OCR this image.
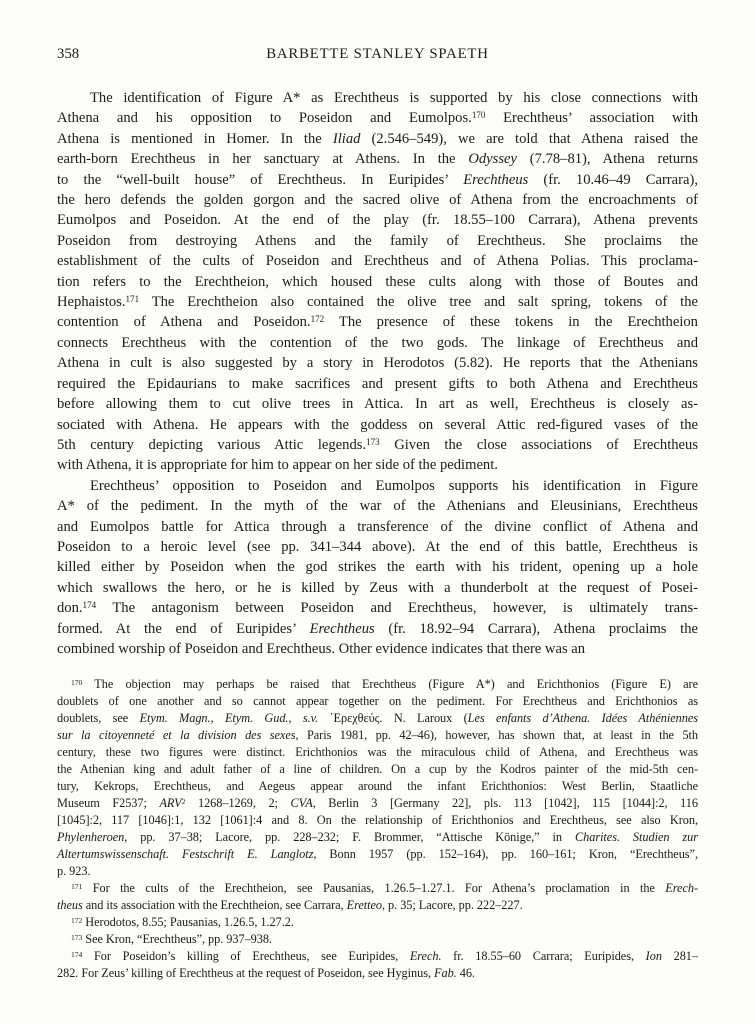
358	BARBETTE STANLEY SPAETH
The identification of Figure A* as Erechtheus is supported by his close connections with
Athena and his opposition to Poseidon and Eumolpos.$^{170}$ Erechtheus’ association with
Athena is mentioned in Homer. In the Iliad (2.546–549), we are told that Athena raised the
earth-born Erechtheus in her sanctuary at Athens. In the Odyssey (7.78–81), Athena returns
to the “well-built house” of Erechtheus. In Euripides’ Erechtheus (fr. 10.46–49 Carrara),
the hero defends the golden gorgon and the sacred olive of Athena from the encroachments of
Eumolpos and Poseidon. At the end of the play (fr. 18.55–100 Carrara), Athena prevents
Poseidon from destroying Athens and the family of Erechtheus. She proclaims the
establishment of the cults of Poseidon and Erechtheus and of Athena Polias. This proclama-
tion refers to the Erechtheion, which housed these cults along with those of Boutes and
Hephaistos.$^{171}$ The Erechtheion also contained the olive tree and salt spring, tokens of the
contention of Athena and Poseidon.$^{172}$ The presence of these tokens in the Erechtheion
connects Erechtheus with the contention of the two gods. The linkage of Erechtheus and
Athena in cult is also suggested by a story in Herodotos (5.82). He reports that the Athenians
required the Epidaurians to make sacrifices and present gifts to both Athena and Erechtheus
before allowing them to cut olive trees in Attica. In art as well, Erechtheus is closely as-
sociated with Athena. He appears with the goddess on several Attic red-figured vases of the
5th century depicting various Attic legends.$^{173}$ Given the close associations of Erechtheus
with Athena, it is appropriate for him to appear on her side of the pediment.
Erechtheus’ opposition to Poseidon and Eumolpos supports his identification in Figure
A* of the pediment. In the myth of the war of the Athenians and Eleusinians, Erechtheus
and Eumolpos battle for Attica through a transference of the divine conflict of Athena and
Poseidon to a heroic level (see pp. 341–344 above). At the end of this battle, Erechtheus is
killed either by Poseidon when the god strikes the earth with his trident, opening up a hole
which swallows the hero, or he is killed by Zeus with a thunderbolt at the request of Posei-
don.$^{174}$ The antagonism between Poseidon and Erechtheus, however, is ultimately trans-
formed. At the end of Euripides’ Erechtheus (fr. 18.92–94 Carrara), Athena proclaims the
combined worship of Poseidon and Erechtheus. Other evidence indicates that there was an
$^{170}$ The objection may perhaps be raised that Erechtheus (Figure A*) and Erichthonios (Figure E) are
doublets of one another and so cannot appear together on the pediment. For Erechtheus and Erichthonios as
doublets, see Etym. Magn., Etym. Gud., s.v. ᾿Ερεχθεύς. N. Laroux (Les enfants d’Athena. Idées Athéniennes
sur la citoyenneté et la division des sexes, Paris 1981, pp. 42–46), however, has shown that, at least in the 5th
century, these two figures were distinct. Erichthonios was the miraculous child of Athena, and Erechtheus was
the Athenian king and adult father of a line of children. On a cup by the Kodros painter of the mid-5th cen-
tury, Kekrops, Erechtheus, and Aegeus appear around the infant Erichthonios: West Berlin, Staatliche
Museum F2537; ARV$^2$ 1268–1269, 2; CVA, Berlin 3 [Germany 22], pls. 113 [1042], 115 [1044]:2, 116
[1045]:2, 117 [1046]:1, 132 [1061]:4 and 8. On the relationship of Erichthonios and Erechtheus, see also Kron,
Phylenheroen, pp. 37–38; Lacore, pp. 228–232; F. Brommer, “Attische Könige,” in Charites. Studien zur
Altertumswissenschaft. Festschrift E. Langlotz, Bonn 1957 (pp. 152–164), pp. 160–161; Kron, “Erechtheus”,
p. 923.
$^{171}$ For the cults of the Erechtheion, see Pausanias, 1.26.5–1.27.1. For Athena’s proclamation in the Erech-
theus and its association with the Erechtheion, see Carrara, Eretteo, p. 35; Lacore, pp. 222–227.
$^{172}$ Herodotos, 8.55; Pausanias, 1.26.5, 1.27.2.
$^{173}$ See Kron, “Erechtheus”, pp. 937–938.
$^{174}$ For Poseidon’s killing of Erechtheus, see Euripides, Erech. fr. 18.55–60 Carrara; Euripides, Ion 281–
282. For Zeus’ killing of Erechtheus at the request of Poseidon, see Hyginus, Fab. 46.
